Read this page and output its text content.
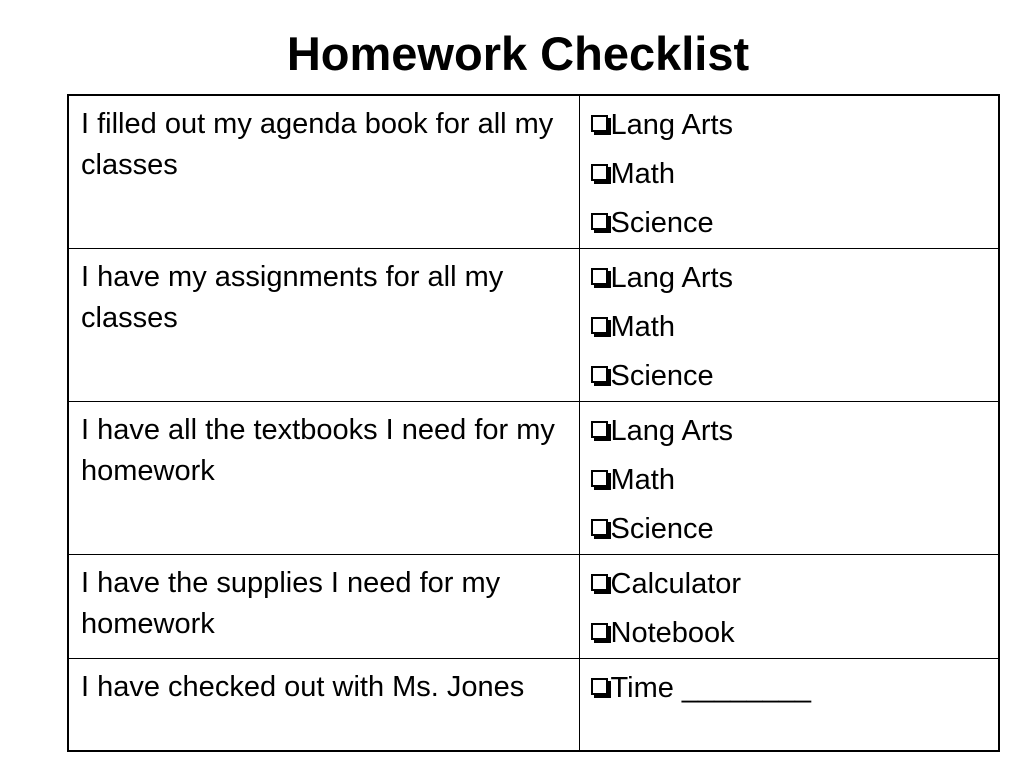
Homework Checklist
I filled out my agenda book for all my classes	Lang Arts
Math
Science

I have my assignments for all my classes	Lang Arts
Math
Science

I have all the textbooks I need for my homework	Lang Arts
Math
Science

I have the supplies I need for my homework	Calculator
Notebook

I have checked out with Ms. Jones	Time ________
